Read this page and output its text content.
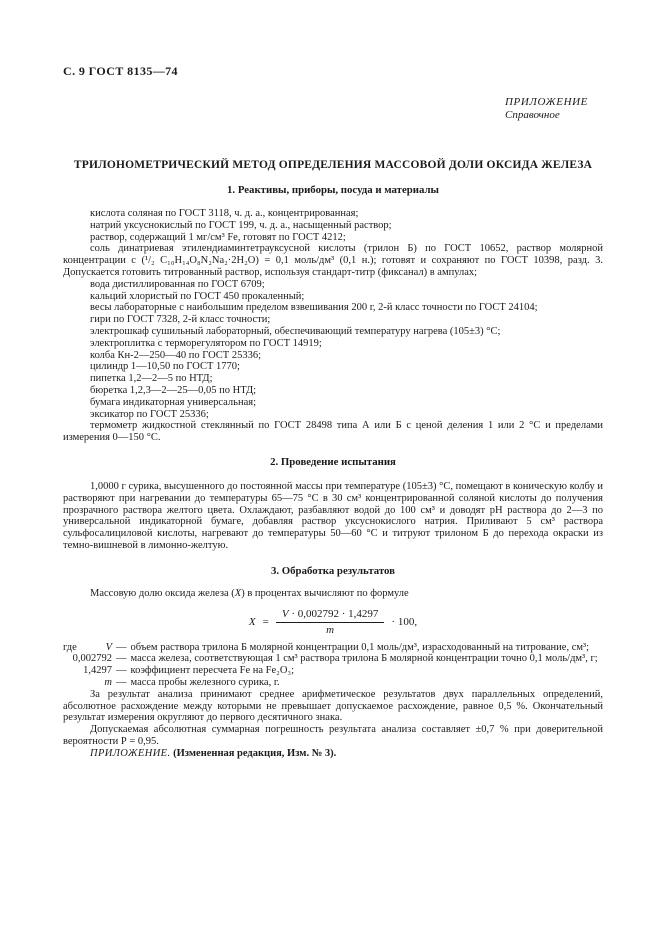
С. 9 ГОСТ 8135—74
ПРИЛОЖЕНИЕ
Справочное
ТРИЛОНОМЕТРИЧЕСКИЙ МЕТОД ОПРЕДЕЛЕНИЯ МАССОВОЙ ДОЛИ ОКСИДА ЖЕЛЕЗА
1. Реактивы, приборы, посуда и материалы

кислота соляная по ГОСТ 3118, ч. д. а., концентрированная;

натрий уксуснокислый по ГОСТ 199, ч. д. а., насыщенный раствор;

раствор, содержащий 1 мг/см³ Fe, готовят по ГОСТ 4212;

соль динатриевая этилендиаминтетрауксусной кислоты (трилон Б) по ГОСТ 10652, раствор молярной концентрации с (¹/₂ C₁₀H₁₄O₈N₂Na₂·2H₂O) = 0,1 моль/дм³ (0,1 н.); готовят и сохраняют по ГОСТ 10398, разд. 3. Допускается готовить титрованный раствор, используя стандарт-титр (фиксанал) в ампулах;

вода дистиллированная по ГОСТ 6709;

кальций хлористый по ГОСТ 450 прокаленный;

весы лабораторные с наибольшим пределом взвешивания 200 г, 2-й класс точности по ГОСТ 24104;

гири по ГОСТ 7328, 2-й класс точности;

электрошкаф сушильный лабораторный, обеспечивающий температуру нагрева (105±3) °С;

электроплитка с терморегулятором по ГОСТ 14919;

колба Кн-2—250—40 по ГОСТ 25336;

цилиндр 1—10,50 по ГОСТ 1770;

пипетка 1,2—2—5 по НТД;

бюретка 1,2,3—2—25—0,05 по НТД;

бумага индикаторная универсальная;

эксикатор по ГОСТ 25336;

термометр жидкостной стеклянный по ГОСТ 28498 типа А или Б с ценой деления 1 или 2 °С и пределами измерения 0—150 °С.

2. Проведение испытания

1,0000 г сурика, высушенного до постоянной массы при температуре (105±3) °С, помещают в коническую колбу и растворяют при нагревании до температуры 65—75 °С в 30 см³ концентрированной соляной кислоты до получения прозрачного раствора желтого цвета. Охлаждают, разбавляют водой до 100 см³ и доводят рН раствора до 2—3 по универсальной индикаторной бумаге, добавляя раствор уксуснокислого натрия. Приливают 5 см³ раствора сульфосалициловой кислоты, нагревают до температуры 50—60 °С и титруют трилоном Б до перехода окраски из темно-вишневой в лимонно-желтую.

3. Обработка результатов

Массовую долю оксида железа (X) в процентах вычисляют по формуле

$X = \frac{V \cdot 0,002792 \cdot 1,4297}{m} \cdot 100$,

где	V — объем раствора трилона Б молярной концентрации 0,1 моль/дм³, израсходованный на титрование, см³;

0,002792 — масса железа, соответствующая 1 см³ раствора трилона Б молярной концентрации точно 0,1 моль/дм³, г;

1,4297 — коэффициент пересчета Fe на Fe₂O₃;

m — масса пробы железного сурика, г.

За результат анализа принимают среднее арифметическое результатов двух параллельных определений, абсолютное расхождение между которыми не превышает допускаемое расхождение, равное 0,5 %. Окончательный результат измерения округляют до первого десятичного знака.

Допускаемая абсолютная суммарная погрешность результата анализа составляет ±0,7 % при доверительной вероятности Р = 0,95.

ПРИЛОЖЕНИЕ. (Измененная редакция, Изм. № 3).
